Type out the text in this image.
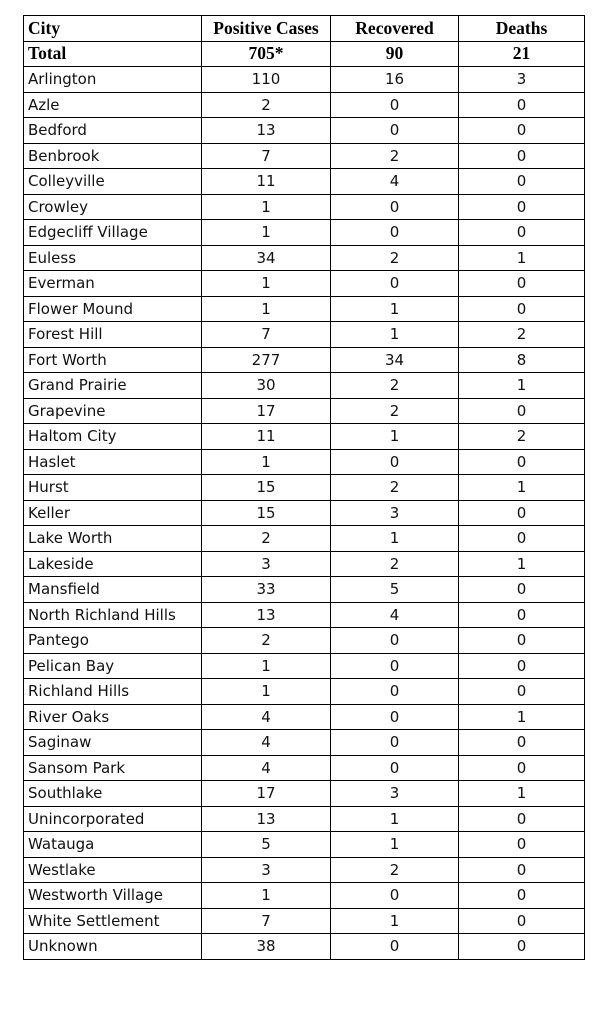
City	Positive Cases	Recovered	Deaths
Total	705*	90	21
Arlington	110	16	3
Azle	2	0	0
Bedford	13	0	0
Benbrook	7	2	0
Colleyville	11	4	0
Crowley	1	0	0
Edgecliff Village	1	0	0
Euless	34	2	1
Everman	1	0	0
Flower Mound	1	1	0
Forest Hill	7	1	2
Fort Worth	277	34	8
Grand Prairie	30	2	1
Grapevine	17	2	0
Haltom City	11	1	2
Haslet	1	0	0
Hurst	15	2	1
Keller	15	3	0
Lake Worth	2	1	0
Lakeside	3	2	1
Mansfield	33	5	0
North Richland Hills	13	4	0
Pantego	2	0	0
Pelican Bay	1	0	0
Richland Hills	1	0	0
River Oaks	4	0	1
Saginaw	4	0	0
Sansom Park	4	0	0
Southlake	17	3	1
Unincorporated	13	1	0
Watauga	5	1	0
Westlake	3	2	0
Westworth Village	1	0	0
White Settlement	7	1	0
Unknown	38	0	0
